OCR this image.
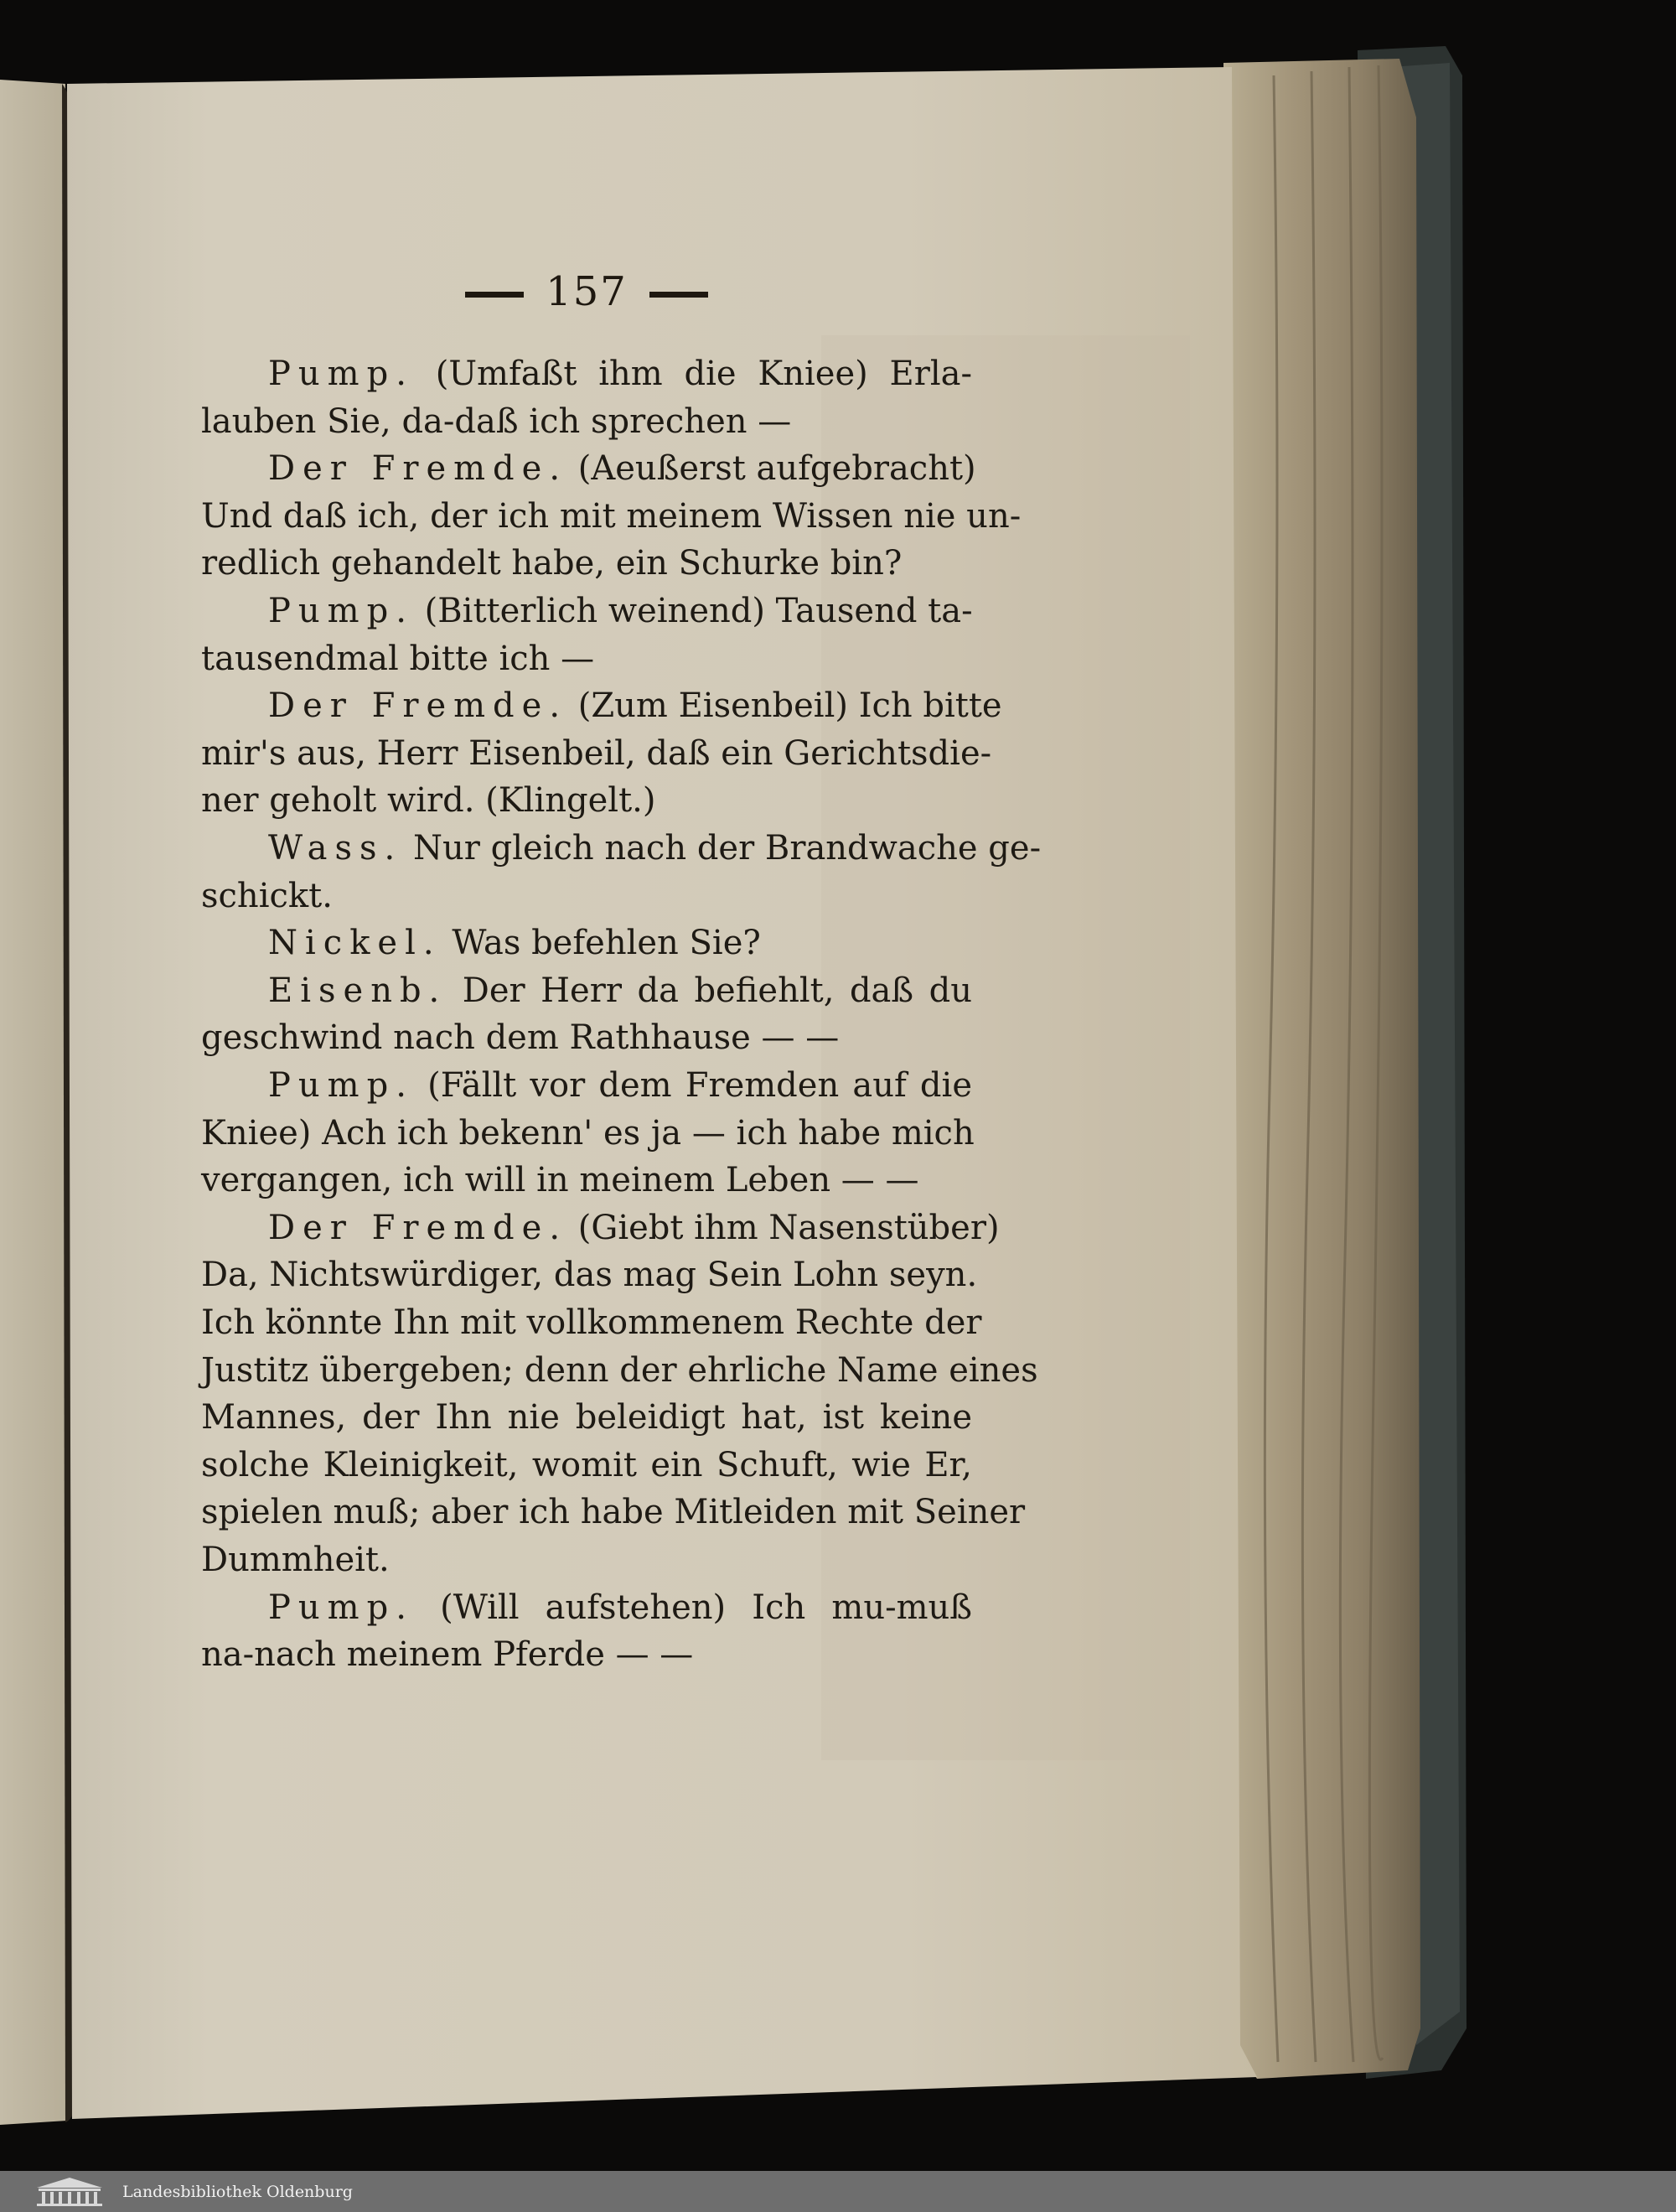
157
Pump. (Umfaßt ihm die Kniee) Erla-
lauben Sie, da-daß ich sprechen —
Der Fremde. (Aeußerst aufgebracht)
Und daß ich, der ich mit meinem Wissen nie un-
redlich gehandelt habe, ein Schurke bin?
Pump. (Bitterlich weinend) Tausend ta-
tausendmal bitte ich —
Der Fremde. (Zum Eisenbeil) Ich bitte
mir's aus, Herr Eisenbeil, daß ein Gerichtsdie-
ner geholt wird. (Klingelt.)
Wass. Nur gleich nach der Brandwache ge-
schickt.
Nickel. Was befehlen Sie?
Eisenb. Der Herr da befiehlt, daß du
geschwind nach dem Rathhause — —
Pump. (Fällt vor dem Fremden auf die
Kniee) Ach ich bekenn' es ja — ich habe mich
vergangen, ich will in meinem Leben — —
Der Fremde. (Giebt ihm Nasenstüber)
Da, Nichtswürdiger, das mag Sein Lohn seyn.
Ich könnte Ihn mit vollkommenem Rechte der
Justitz übergeben; denn der ehrliche Name eines
Mannes, der Ihn nie beleidigt hat, ist keine
solche Kleinigkeit, womit ein Schuft, wie Er,
spielen muß; aber ich habe Mitleiden mit Seiner
Dummheit.
Pump. (Will aufstehen) Ich mu-muß
na-nach meinem Pferde — —
Landesbibliothek Oldenburg
